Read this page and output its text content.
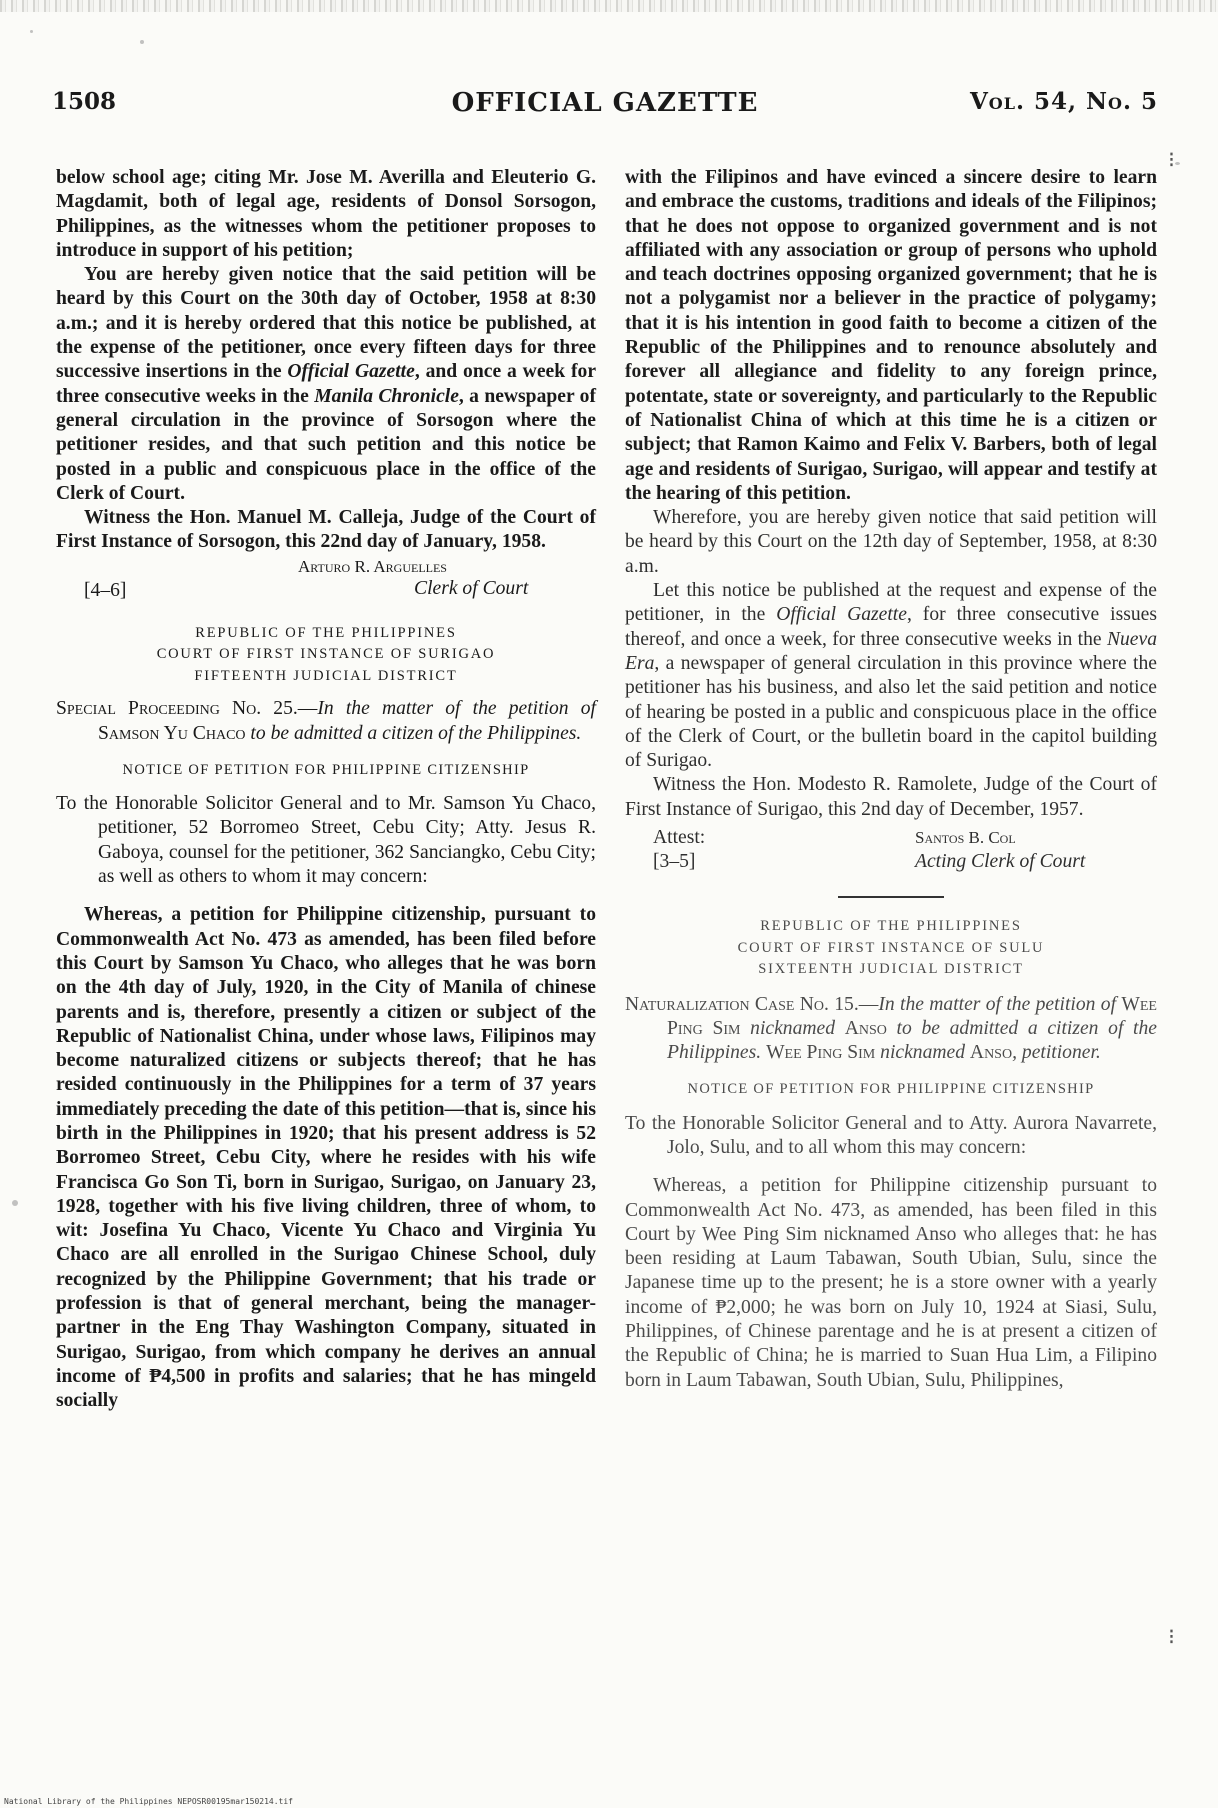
⁝
⁝
1508	OFFICIAL GAZETTE	Vol. 54, No. 5

below school age; citing Mr. Jose M. Averilla and Eleuterio G. Magdamit, both of legal age, residents of Donsol Sorsogon, Philippines, as the witnesses whom the petitioner proposes to introduce in support of his petition;

You are hereby given notice that the said petition will be heard by this Court on the 30th day of October, 1958 at 8:30 a.m.; and it is hereby ordered that this notice be published, at the expense of the petitioner, once every fifteen days for three successive insertions in the Official Gazette, and once a week for three consecutive weeks in the Manila Chronicle, a newspaper of general circulation in the province of Sorsogon where the petitioner resides, and that such petition and this notice be posted in a public and conspicuous place in the office of the Clerk of Court.

Witness the Hon. Manuel M. Calleja, Judge of the Court of First Instance of Sorsogon, this 22nd day of January, 1958.

Arturo R. Arguelles
[4–6]	Clerk of Court
REPUBLIC OF THE PHILIPPINES
COURT OF FIRST INSTANCE OF SURIGAO
FIFTEENTH JUDICIAL DISTRICT

Special Proceeding No. 25.—In the matter of the petition of Samson Yu Chaco to be admitted a citizen of the Philippines.

NOTICE OF PETITION FOR PHILIPPINE CITIZENSHIP

To the Honorable Solicitor General and to Mr. Samson Yu Chaco, petitioner, 52 Borromeo Street, Cebu City; Atty. Jesus R. Gaboya, counsel for the petitioner, 362 Sanciangko, Cebu City; as well as others to whom it may concern:

Whereas, a petition for Philippine citizenship, pursuant to Commonwealth Act No. 473 as amended, has been filed before this Court by Samson Yu Chaco, who alleges that he was born on the 4th day of July, 1920, in the City of Manila of chinese parents and is, therefore, presently a citizen or subject of the Republic of Nationalist China, under whose laws, Filipinos may become naturalized citizens or subjects thereof; that he has resided continuously in the Philippines for a term of 37 years immediately preceding the date of this petition—that is, since his birth in the Philippines in 1920; that his present address is 52 Borromeo Street, Cebu City, where he resides with his wife Francisca Go Son Ti, born in Surigao, Surigao, on January 23, 1928, together with his five living children, three of whom, to wit: Josefina Yu Chaco, Vicente Yu Chaco and Virginia Yu Chaco are all enrolled in the Surigao Chinese School, duly recognized by the Philippine Government; that his trade or profession is that of general merchant, being the manager-partner in the Eng Thay Washington Company, situated in Surigao, Surigao, from which company he derives an annual income of ₱4,500 in profits and salaries; that he has mingeld socially

with the Filipinos and have evinced a sincere desire to learn and embrace the customs, traditions and ideals of the Filipinos; that he does not oppose to organized government and is not affiliated with any association or group of persons who uphold and teach doctrines opposing organized government; that he is not a polygamist nor a believer in the practice of polygamy; that it is his intention in good faith to become a citizen of the Republic of the Philippines and to renounce absolutely and forever all allegiance and fidelity to any foreign prince, potentate, state or sovereignty, and particularly to the Republic of Nationalist China of which at this time he is a citizen or subject; that Ramon Kaimo and Felix V. Barbers, both of legal age and residents of Surigao, Surigao, will appear and testify at the hearing of this petition.

Wherefore, you are hereby given notice that said petition will be heard by this Court on the 12th day of September, 1958, at 8:30 a.m.

Let this notice be published at the request and expense of the petitioner, in the Official Gazette, for three consecutive issues thereof, and once a week, for three consecutive weeks in the Nueva Era, a newspaper of general circulation in this province where the petitioner has his business, and also let the said petition and notice of hearing be posted in a public and conspicuous place in the office of the Clerk of Court, or the bulletin board in the capitol building of Surigao.

Witness the Hon. Modesto R. Ramolete, Judge of the Court of First Instance of Surigao, this 2nd day of December, 1957.

Attest:	Santos B. Col
[3–5]	Acting Clerk of Court
REPUBLIC OF THE PHILIPPINES
COURT OF FIRST INSTANCE OF SULU
SIXTEENTH JUDICIAL DISTRICT

Naturalization Case No. 15.—In the matter of the petition of Wee Ping Sim nicknamed Anso to be admitted a citizen of the Philippines. Wee Ping Sim nicknamed Anso, petitioner.

NOTICE OF PETITION FOR PHILIPPINE CITIZENSHIP

To the Honorable Solicitor General and to Atty. Aurora Navarrete, Jolo, Sulu, and to all whom this may concern:

Whereas, a petition for Philippine citizenship pursuant to Commonwealth Act No. 473, as amended, has been filed in this Court by Wee Ping Sim nicknamed Anso who alleges that: he has been residing at Laum Tabawan, South Ubian, Sulu, since the Japanese time up to the present; he is a store owner with a yearly income of ₱2,000; he was born on July 10, 1924 at Siasi, Sulu, Philippines, of Chinese parentage and he is at present a citizen of the Republic of China; he is married to Suan Hua Lim, a Filipino born in Laum Tabawan, South Ubian, Sulu, Philippines,

National Library of the Philippines NEPOSR00195mar150214.tif
